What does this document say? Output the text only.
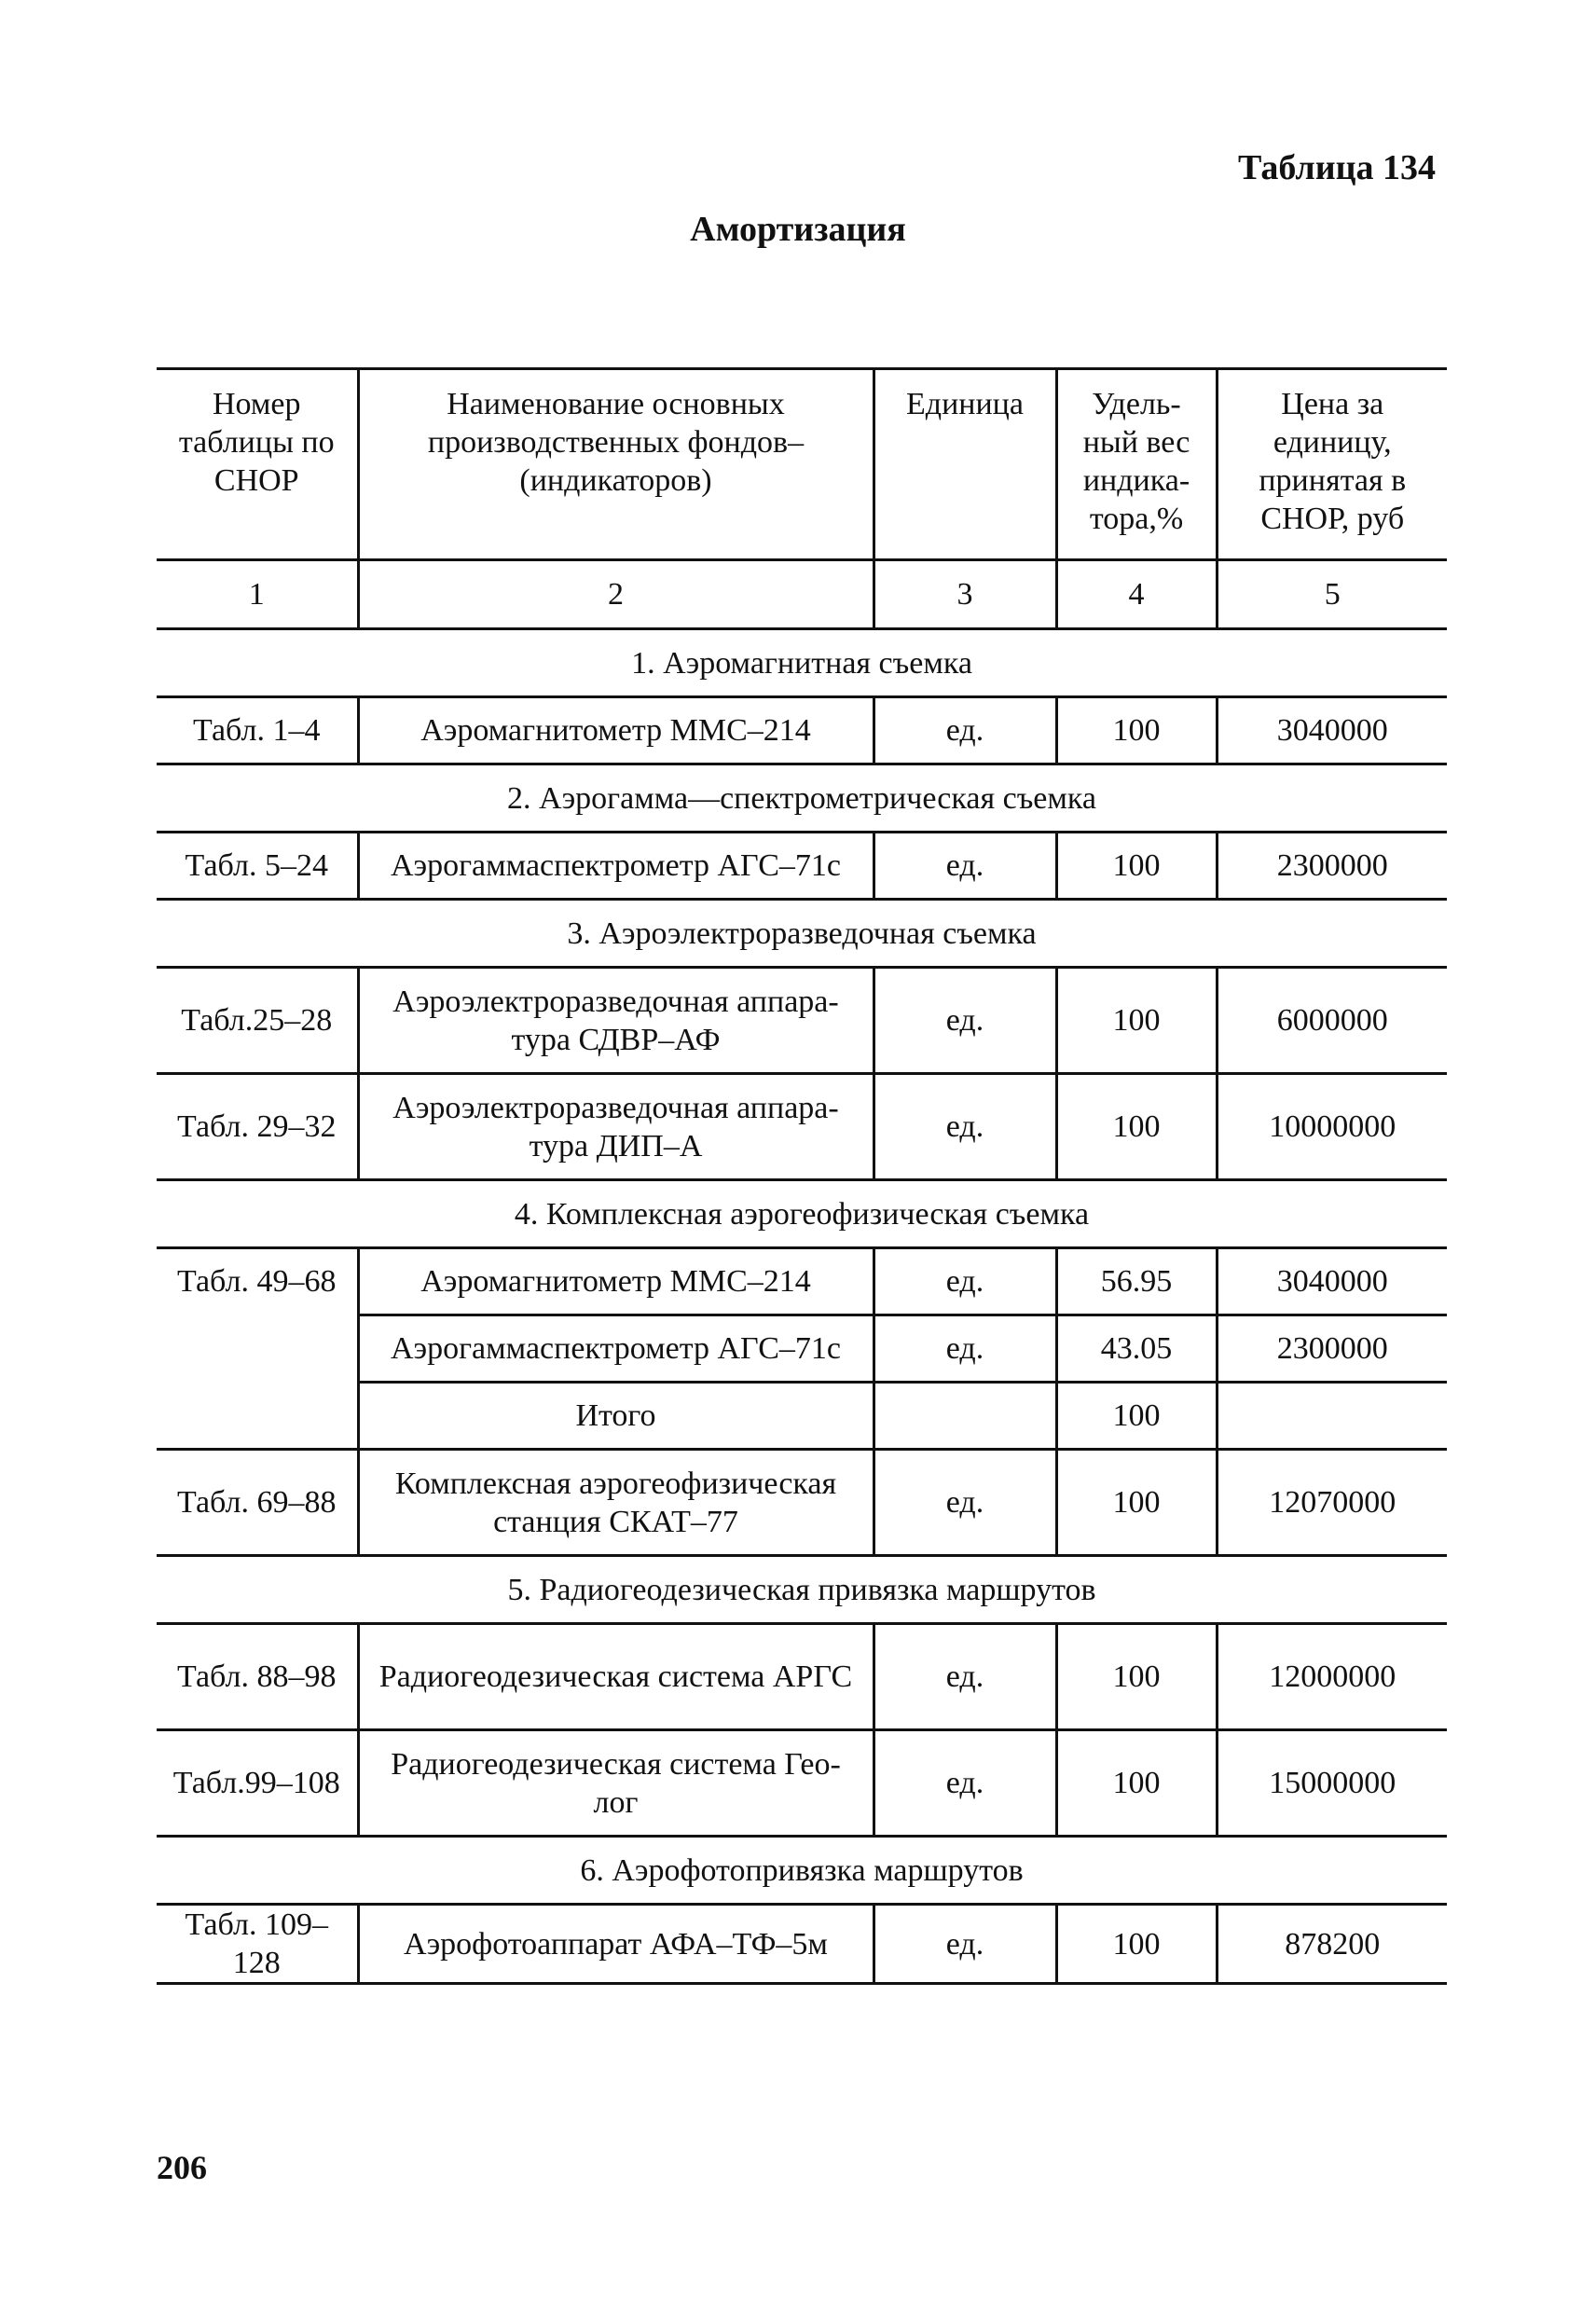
Таблица 134
Амортизация
Номер таблицы по СНОР	Наименование основных производственных фондов– (индикаторов)	Единица	Удель- ный вес индика- тора,%	Цена за единицу, принятая в СНОР, руб
1	2	3	4	5
1. Аэромагнитная съемка				
Табл. 1–4	Аэромагнитометр ММС–214	ед.	100	3040000
2. Аэрогамма—спектрометрическая съемка				
Табл. 5–24	Аэрогаммаспектрометр АГС–71с	ед.	100	2300000
3. Аэроэлектроразведочная съемка				
Табл.25–28	Аэроэлектроразведочная аппара- тура СДВР–АФ	ед.	100	6000000
Табл. 29–32	Аэроэлектроразведочная аппара- тура ДИП–А	ед.	100	10000000
4. Комплексная аэрогеофизическая съемка				
Табл. 49–68	Аэромагнитометр ММС–214	ед.	56.95	3040000
	Аэрогаммаспектрометр АГС–71с	ед.	43.05	2300000
	Итого		100	
Табл. 69–88	Комплексная аэрогеофизическая станция СКАТ–77	ед.	100	12070000
5. Радиогеодезическая привязка маршрутов				
Табл. 88–98	Радиогеодезическая система АРГС	ед.	100	12000000
Табл.99–108	Радиогеодезическая система Гео- лог	ед.	100	15000000
6. Аэрофотопривязка маршрутов				
Табл. 109–128	Аэрофотоаппарат АФА–ТФ–5м	ед.	100	878200
206
